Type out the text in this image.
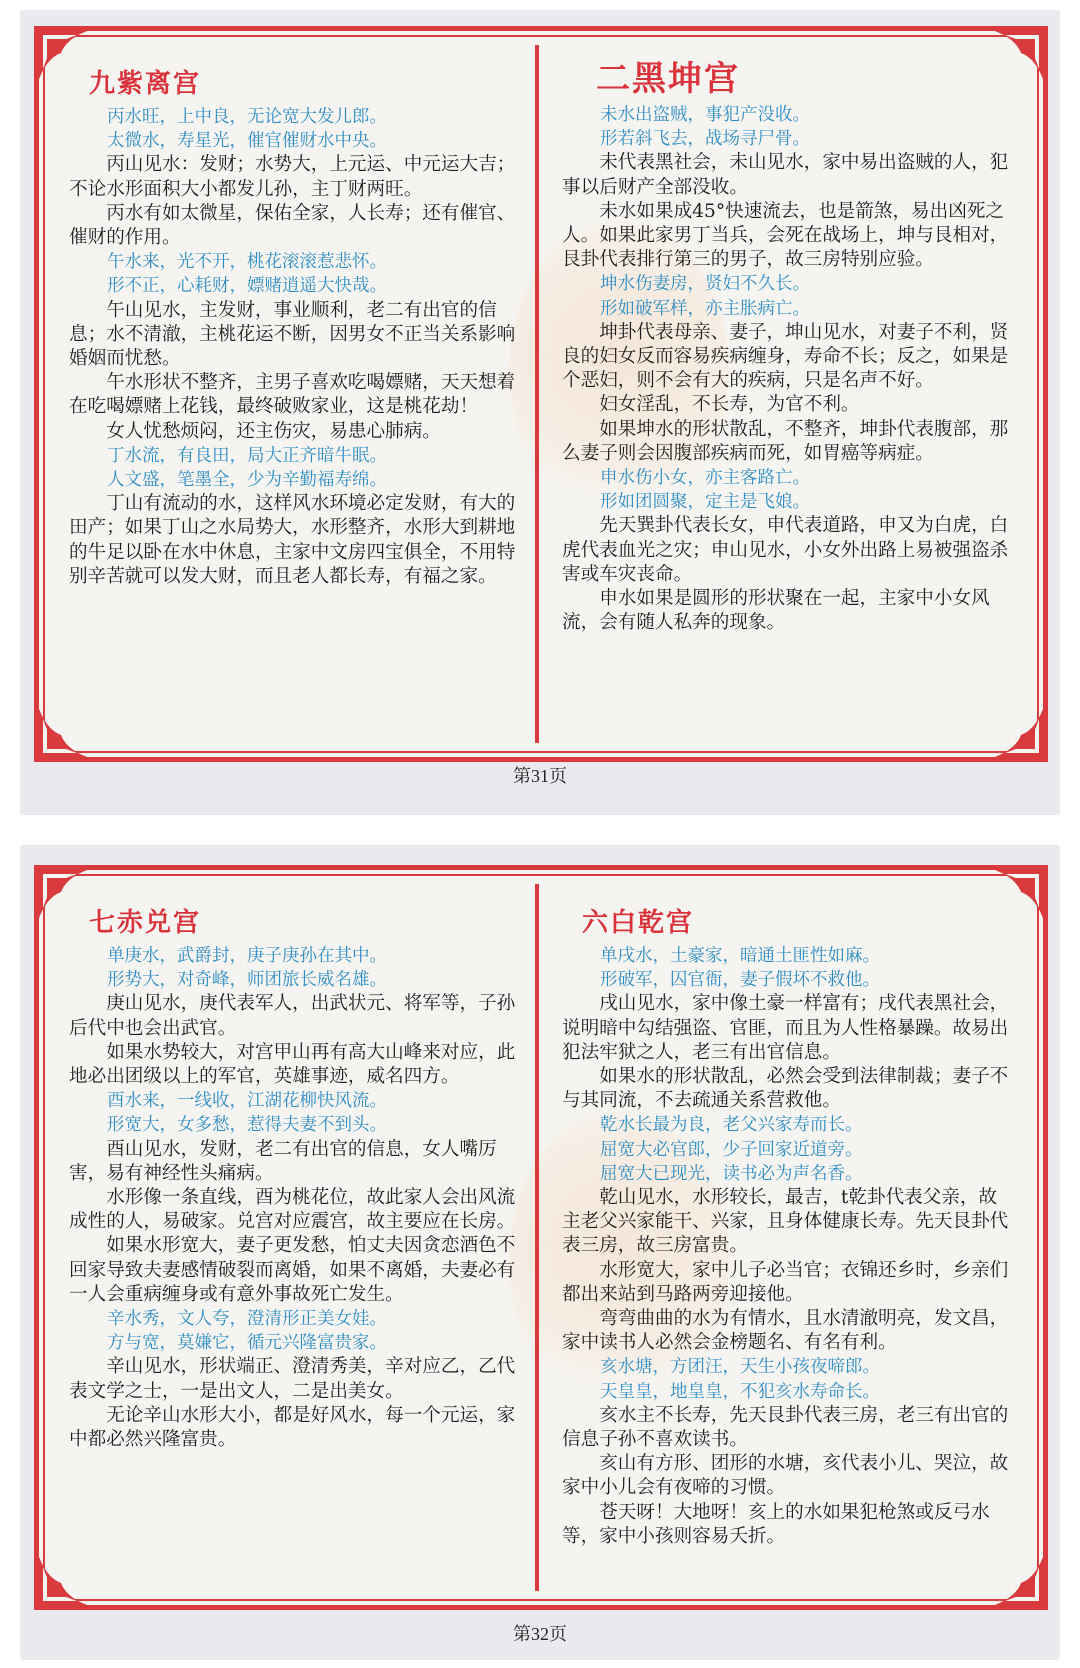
九紫离宫
丙水旺，上中良，无论宽大发儿郎。
太微水，寿星光，催官催财水中央。

丙山见水：发财；水势大，上元运、中元运大吉；不论水形面积大小都发儿孙，主丁财两旺。

丙水有如太微星，保佑全家，人长寿；还有催官、催财的作用。

午水来，光不开，桃花滚滚惹悲怀。
形不正，心耗财，嫖赌逍遥大快哉。

午山见水，主发财，事业顺利，老二有出官的信息；水不清澈，主桃花运不断，因男女不正当关系影响婚姻而忧愁。

午水形状不整齐，主男子喜欢吃喝嫖赌，天天想着在吃喝嫖赌上花钱，最终破败家业，这是桃花劫！

女人忧愁烦闷，还主伤灾，易患心肺病。

丁水流，有良田，局大正齐暗牛眠。
人文盛，笔墨全，少为辛勤福寿绵。

丁山有流动的水，这样风水环境必定发财，有大的田产；如果丁山之水局势大，水形整齐，水形大到耕地的牛足以卧在水中休息，主家中文房四宝俱全，不用特别辛苦就可以发大财，而且老人都长寿，有福之家。

二黑坤宫
未水出盗贼，事犯产没收。
形若斜飞去，战场寻尸骨。

未代表黑社会，未山见水，家中易出盗贼的人，犯事以后财产全部没收。

未水如果成45°快速流去，也是箭煞，易出凶死之人。如果此家男丁当兵，会死在战场上，坤与艮相对，艮卦代表排行第三的男子，故三房特别应验。

坤水伤妻房，贤妇不久长。
形如破军样，亦主胀病亡。

坤卦代表母亲、妻子，坤山见水，对妻子不利，贤良的妇女反而容易疾病缠身，寿命不长；反之，如果是个恶妇，则不会有大的疾病，只是名声不好。

妇女淫乱，不长寿，为官不利。

如果坤水的形状散乱，不整齐，坤卦代表腹部，那么妻子则会因腹部疾病而死，如胃癌等病症。

申水伤小女，亦主客路亡。
形如团圆聚，定主是飞娘。

先天巽卦代表长女，申代表道路，申又为白虎，白虎代表血光之灾；申山见水，小女外出路上易被强盗杀害或车灾丧命。

申水如果是圆形的形状聚在一起，主家中小女风流，会有随人私奔的现象。

第31页
七赤兑宫
单庚水，武爵封，庚子庚孙在其中。
形势大，对奇峰，师团旅长威名雄。

庚山见水，庚代表军人，出武状元、将军等，子孙后代中也会出武官。

如果水势较大，对宫甲山再有高大山峰来对应，此地必出团级以上的军官，英雄事迹，威名四方。

酉水来，一线收，江湖花柳快风流。
形宽大，女多愁，惹得夫妻不到头。

酉山见水，发财，老二有出官的信息，女人嘴厉害，易有神经性头痛病。

水形像一条直线，酉为桃花位，故此家人会出风流成性的人，易破家。兑宫对应震宫，故主要应在长房。

如果水形宽大，妻子更发愁，怕丈夫因贪恋酒色不回家导致夫妻感情破裂而离婚，如果不离婚，夫妻必有一人会重病缠身或有意外事故死亡发生。

辛水秀，文人夸，澄清形正美女娃。
方与宽，莫嫌它，循元兴隆富贵家。

辛山见水，形状端正、澄清秀美，辛对应乙，乙代表文学之士，一是出文人，二是出美女。

无论辛山水形大小，都是好风水，每一个元运，家中都必然兴隆富贵。

六白乾宫
单戌水，土豪家，暗通土匪性如麻。
形破军，囚官衙，妻子假坏不救他。

戌山见水，家中像土豪一样富有；戌代表黑社会，说明暗中勾结强盗、官匪，而且为人性格暴躁。故易出犯法牢狱之人，老三有出官信息。

如果水的形状散乱，必然会受到法律制裁；妻子不与其同流，不去疏通关系营救他。

乾水长最为良，老父兴家寿而长。
屈宽大必官郎，少子回家近道旁。
屈宽大已现光，读书必为声名香。

乾山见水，水形较长，最吉，t乾卦代表父亲，故主老父兴家能干、兴家，且身体健康长寿。先天艮卦代表三房，故三房富贵。

水形宽大，家中儿子必当官；衣锦还乡时，乡亲们都出来站到马路两旁迎接他。

弯弯曲曲的水为有情水，且水清澈明亮，发文昌，家中读书人必然会金榜题名、有名有利。

亥水塘，方团汪，天生小孩夜啼郎。
天皇皇，地皇皇，不犯亥水寿命长。

亥水主不长寿，先天艮卦代表三房，老三有出官的信息子孙不喜欢读书。

亥山有方形、团形的水塘，亥代表小儿、哭泣，故家中小儿会有夜啼的习惯。

苍天呀！大地呀！亥上的水如果犯枪煞或反弓水等，家中小孩则容易夭折。

第32页
